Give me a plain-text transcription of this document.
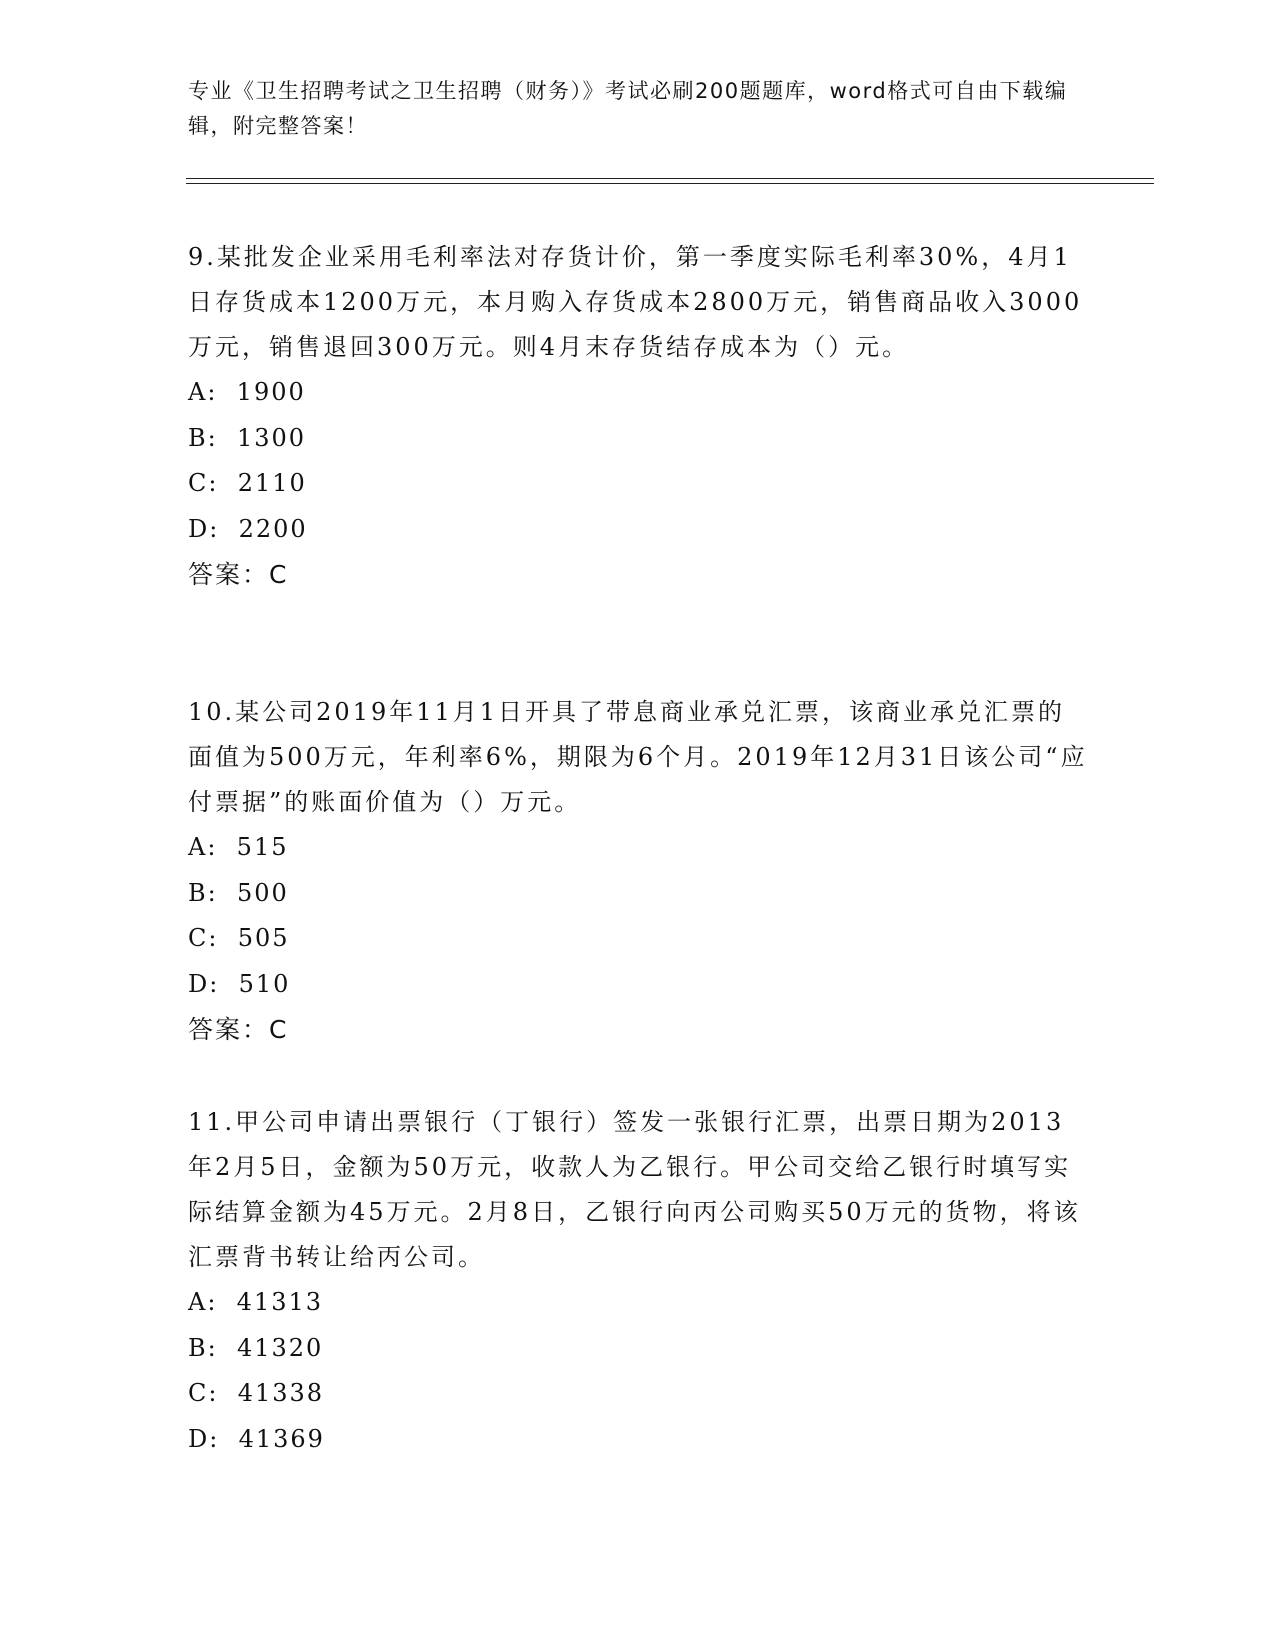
专业《卫生招聘考试之卫生招聘（财务）》考试必刷200题题库，word格式可自由下载编辑，附完整答案！

9.某批发企业采用毛利率法对存货计价，第一季度实际毛利率30%，4月1日存货成本1200万元，本月购入存货成本2800万元，销售商品收入3000万元，销售退回300万元。则4月末存货结存成本为（）元。

A:  1900

B:  1300

C:  2110

D:  2200

答案：C

10.某公司2019年11月1日开具了带息商业承兑汇票，该商业承兑汇票的面值为500万元，年利率6%，期限为6个月。2019年12月31日该公司“应付票据”的账面价值为（）万元。

A:  515

B:  500

C:  505

D:  510

答案：C

11.甲公司申请出票银行（丁银行）签发一张银行汇票，出票日期为2013年2月5日，金额为50万元，收款人为乙银行。甲公司交给乙银行时填写实际结算金额为45万元。2月8日，乙银行向丙公司购买50万元的货物，将该汇票背书转让给丙公司。

A:  41313

B:  41320

C:  41338

D:  41369
